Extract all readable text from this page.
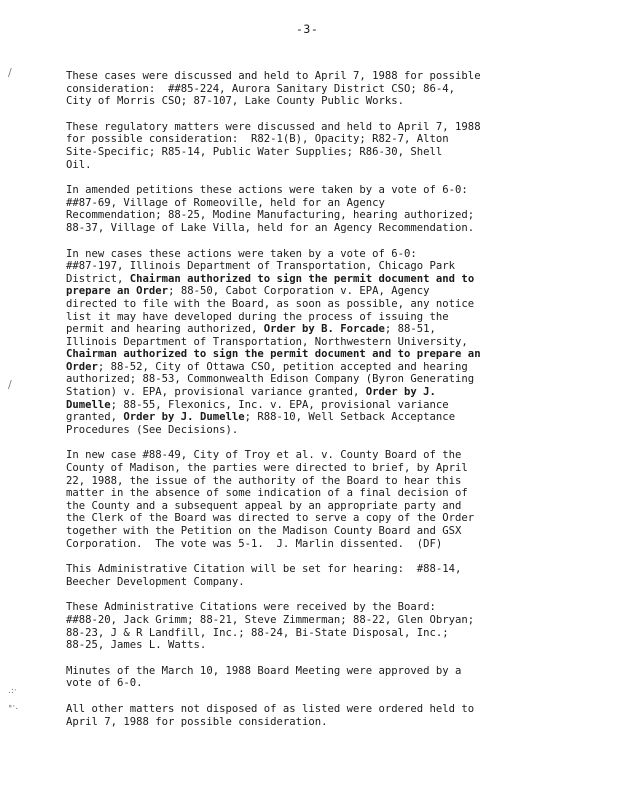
-3-
∕
∕
.:·
∘·.
These cases were discussed and held to April 7, 1988 for possible
consideration:  ##85-224, Aurora Sanitary District CSO; 86-4,
City of Morris CSO; 87-107, Lake County Public Works.
These regulatory matters were discussed and held to April 7, 1988
for possible consideration:  R82-1(B), Opacity; R82-7, Alton
Site-Specific; R85-14, Public Water Supplies; R86-30, Shell
Oil.
In amended petitions these actions were taken by a vote of 6-0:
##87-69, Village of Romeoville, held for an Agency
Recommendation; 88-25, Modine Manufacturing, hearing authorized;
88-37, Village of Lake Villa, held for an Agency Recommendation.
In new cases these actions were taken by a vote of 6-0:
##87-197, Illinois Department of Transportation, Chicago Park
District, Chairman authorized to sign the permit document and to
prepare an Order; 88-50, Cabot Corporation v. EPA, Agency
directed to file with the Board, as soon as possible, any notice
list it may have developed during the process of issuing the
permit and hearing authorized, Order by B. Forcade; 88-51,
Illinois Department of Transportation, Northwestern University,
Chairman authorized to sign the permit document and to prepare an
Order; 88-52, City of Ottawa CSO, petition accepted and hearing
authorized; 88-53, Commonwealth Edison Company (Byron Generating
Station) v. EPA, provisional variance granted, Order by J.
Dumelle; 88-55, Flexonics, Inc. v. EPA, provisional variance
granted, Order by J. Dumelle; R88-10, Well Setback Acceptance
Procedures (See Decisions).
In new case #88-49, City of Troy et al. v. County Board of the
County of Madison, the parties were directed to brief, by April
22, 1988, the issue of the authority of the Board to hear this
matter in the absence of some indication of a final decision of
the County and a subsequent appeal by an appropriate party and
the Clerk of the Board was directed to serve a copy of the Order
together with the Petition on the Madison County Board and GSX
Corporation.  The vote was 5-1.  J. Marlin dissented.  (DF)
This Administrative Citation will be set for hearing:  #88-14,
Beecher Development Company.
These Administrative Citations were received by the Board:
##88-20, Jack Grimm; 88-21, Steve Zimmerman; 88-22, Glen Obryan;
88-23, J & R Landfill, Inc.; 88-24, Bi-State Disposal, Inc.;
88-25, James L. Watts.
Minutes of the March 10, 1988 Board Meeting were approved by a
vote of 6-0.
All other matters not disposed of as listed were ordered held to
April 7, 1988 for possible consideration.
